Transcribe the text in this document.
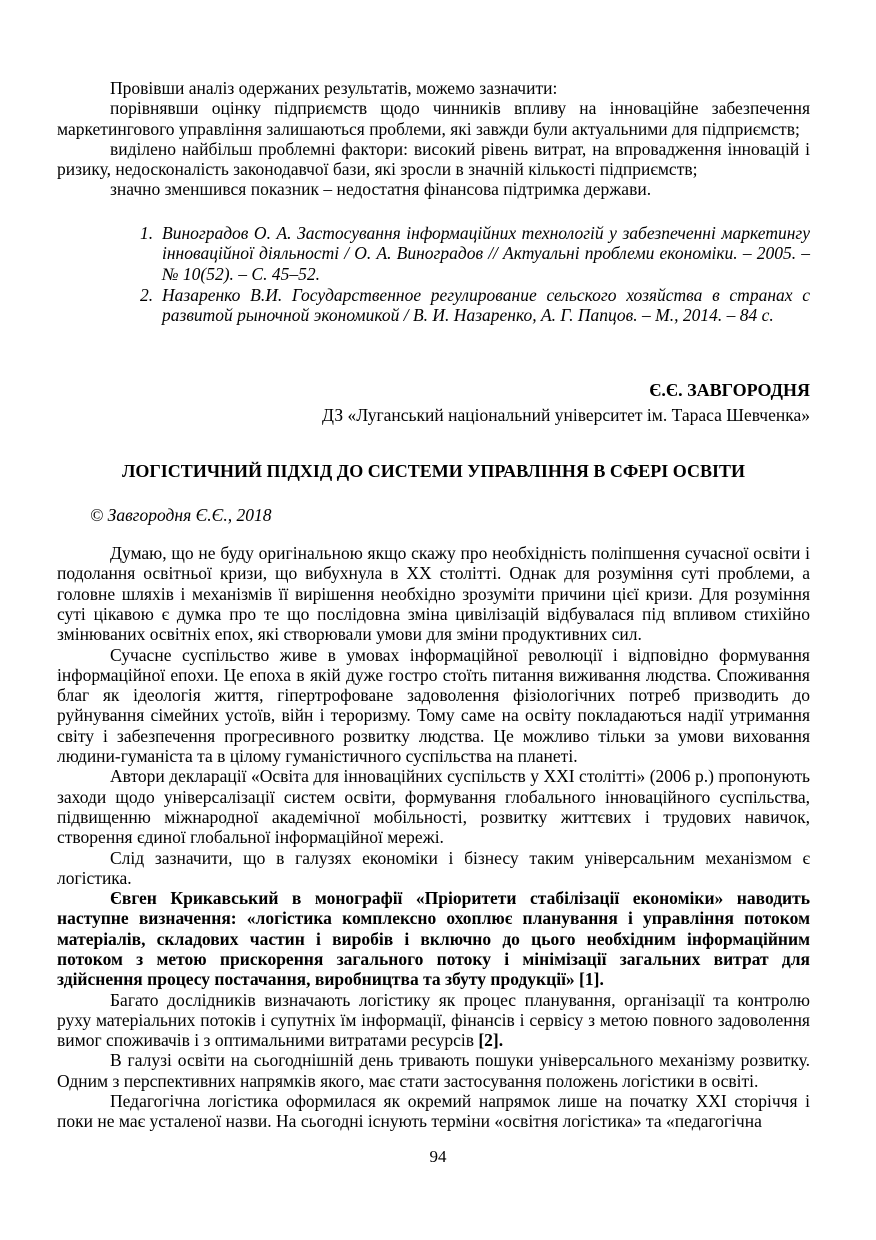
Провівши аналіз одержаних результатів, можемо зазначити:

порівнявши оцінку підприємств щодо чинників впливу на інноваційне забезпечення маркетингового управління залишаються проблеми, які завжди були актуальними для підприємств;

виділено найбільш проблемні фактори: високий рівень витрат, на впровадження інновацій і ризику, недосконалість законодавчої бази, які зросли в значній кількості підприємств;

значно зменшився показник – недостатня фінансова підтримка держави.

1. Виноградов О. А. Застосування інформаційних технологій у забезпеченні маркетингу інноваційної діяльності / О. А. Виноградов // Актуальні проблеми економіки. – 2005. – № 10(52). – С. 45–52.

2. Назаренко В.И. Государственное регулирование сельского хозяйства в странах с развитой рыночной экономикой / В. И. Назаренко, А. Г. Папцов. – М., 2014. – 84 с.

Є.Є. ЗАВГОРОДНЯ
ДЗ «Луганський національний університет ім. Тараса Шевченка»
ЛОГІСТИЧНИЙ ПІДХІД ДО СИСТЕМИ УПРАВЛІННЯ В СФЕРІ ОСВІТИ

© Завгородня Є.Є., 2018

Думаю, що не буду оригінальною якщо скажу про необхідність поліпшення сучасної освіти і подолання освітньої кризи, що вибухнула в XX столітті. Однак для розуміння суті проблеми, а головне шляхів і механізмів її вирішення необхідно зрозуміти причини цієї кризи. Для розуміння суті цікавою є думка про те що послідовна зміна цивілізацій відбувалася під впливом стихійно змінюваних освітніх епох, які створювали умови для зміни продуктивних сил.

Сучасне суспільство живе в умовах інформаційної революції і відповідно формування інформаційної епохи. Це епоха в якій дуже гостро стоїть питання виживання людства. Споживання благ як ідеологія життя, гіпертрофоване задоволення фізіологічних потреб призводить до руйнування сімейних устоїв, війн і тероризму. Тому саме на освіту покладаються надії утримання світу і забезпечення прогресивного розвитку людства. Це можливо тільки за умови виховання людини-гуманіста та в цілому гуманістичного суспільства на планеті.

Автори декларації «Освіта для інноваційних суспільств у XXI столітті» (2006 р.) пропонують заходи щодо універсалізації систем освіти, формування глобального інноваційного суспільства, підвищенню міжнародної академічної мобільності, розвитку життєвих і трудових навичок, створення єдиної глобальної інформаційної мережі.

Слід зазначити, що в галузях економіки і бізнесу таким універсальним механізмом є логістика.

Євген Крикавський в монографії «Пріоритети стабілізації економіки» наводить наступне визначення: «логістика комплексно охоплює планування і управління потоком матеріалів, складових частин і виробів і включно до цього необхідним інформаційним потоком з метою прискорення загального потоку і мінімізації загальних витрат для здійснення процесу постачання, виробництва та збуту продукції» [1].

Багато дослідників визначають логістику як процес планування, організації та контролю руху матеріальних потоків і супутніх їм інформації, фінансів і сервісу з метою повного задоволення вимог споживачів і з оптимальними витратами ресурсів [2].

В галузі освіти на сьогоднішній день тривають пошуки універсального механізму розвитку. Одним з перспективних напрямків якого, має стати застосування положень логістики в освіті.

Педагогічна логістика оформилася як окремий напрямок лише на початку XXI сторіччя і поки не має усталеної назви. На сьогодні існують терміни «освітня логістика» та «педагогічна

94
